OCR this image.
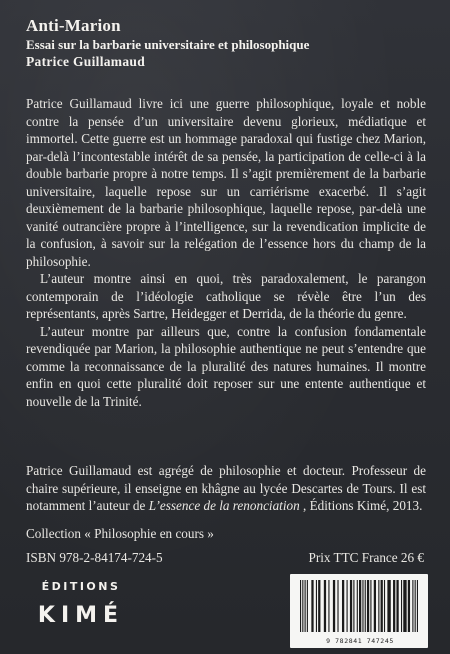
Anti-Marion
Essai sur la barbarie universitaire et philosophique
Patrice Guillamaud

Patrice Guillamaud livre ici une guerre philosophique, loyale et noble contre la pensée d’un universitaire devenu glorieux, médiatique et immortel. Cette guerre est un hommage paradoxal qui fustige chez Marion, par-delà l’incontestable intérêt de sa pensée, la participation de celle-ci à la double barbarie propre à notre temps. Il s’agit premièrement de la barbarie universitaire, laquelle repose sur un carriérisme exacerbé. Il s’agit deuxièmement de la barbarie philosophique, laquelle repose, par-delà une vanité outrancière propre à l’intelligence, sur la revendication implicite de la confusion, à savoir sur la relégation de l’essence hors du champ de la philosophie.

L’auteur montre ainsi en quoi, très paradoxalement, le parangon contemporain de l’idéologie catholique se révèle être l’un des représentants, après Sartre, Heidegger et Derrida, de la théorie du genre.

L’auteur montre par ailleurs que, contre la confusion fondamentale revendiquée par Marion, la philosophie authentique ne peut s’entendre que comme la reconnaissance de la pluralité des natures humaines. Il montre enfin en quoi cette pluralité doit reposer sur une entente authentique et nouvelle de la Trinité.

Patrice Guillamaud est agrégé de philosophie et docteur. Professeur de chaire supérieure, il enseigne en khâgne au lycée Descartes de Tours. Il est notamment l’auteur de L’essence de la renonciation , Éditions Kimé, 2013.

Collection « Philosophie en cours »

ISBN 978-2-84174-724-5	Prix TTC France 26 €

ÉDITIONS
KIMÉ
9 782841 747245
